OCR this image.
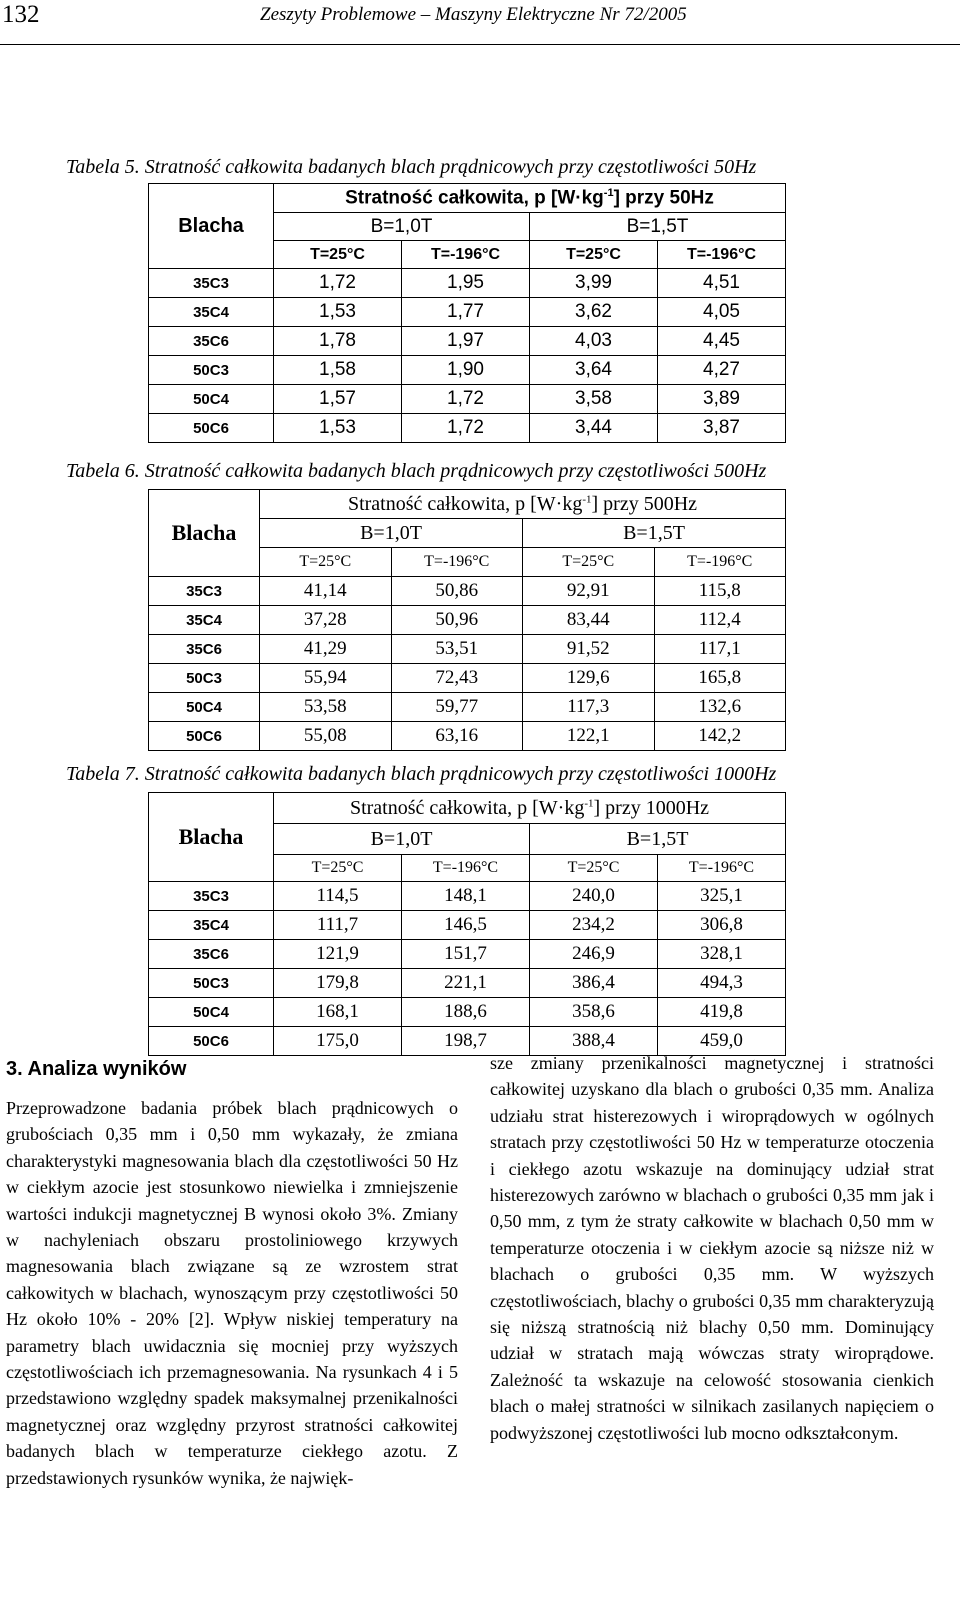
132	Zeszyty Problemowe – Maszyny Elektryczne Nr 72/2005
Tabela 5. Stratność całkowita badanych blach prądnicowych przy częstotliwości 50Hz
Blacha	Stratność całkowita, p $[W\cdot kg^{-1}]$ przy 50Hz			
	B=1,0T		B=1,5T	
	T=25°C	T=-196°C	T=25°C	T=-196°C
35C3	1,72	1,95	3,99	4,51
35C4	1,53	1,77	3,62	4,05
35C6	1,78	1,97	4,03	4,45
50C3	1,58	1,90	3,64	4,27
50C4	1,57	1,72	3,58	3,89
50C6	1,53	1,72	3,44	3,87
Tabela 6. Stratność całkowita badanych blach prądnicowych przy częstotliwości 500Hz
Blacha	Stratność całkowita, p $[W\cdot kg^{-1}]$ przy 500Hz			
	B=1,0T		B=1,5T	
	T=25°C	T=-196°C	T=25°C	T=-196°C
35C3	41,14	50,86	92,91	115,8
35C4	37,28	50,96	83,44	112,4
35C6	41,29	53,51	91,52	117,1
50C3	55,94	72,43	129,6	165,8
50C4	53,58	59,77	117,3	132,6
50C6	55,08	63,16	122,1	142,2
Tabela 7. Stratność całkowita badanych blach prądnicowych przy częstotliwości 1000Hz
Blacha	Stratność całkowita, p $[W\cdot kg^{-1}]$ przy 1000Hz			
	B=1,0T		B=1,5T	
	T=25°C	T=-196°C	T=25°C	T=-196°C
35C3	114,5	148,1	240,0	325,1
35C4	111,7	146,5	234,2	306,8
35C6	121,9	151,7	246,9	328,1
50C3	179,8	221,1	386,4	494,3
50C4	168,1	188,6	358,6	419,8
50C6	175,0	198,7	388,4	459,0
3. Analiza wyników

Przeprowadzone badania próbek blach prądnicowych o grubościach 0,35 mm i 0,50 mm wykazały, że zmiana charakterystyki magnesowania blach dla częstotliwości 50 Hz w ciekłym azocie jest stosunkowo niewielka i zmniejszenie wartości indukcji magnetycznej B wynosi około 3%. Zmiany w nachyleniach obszaru prostoliniowego krzywych magnesowania blach związane są ze wzrostem strat całkowitych w blachach, wynoszącym przy częstotliwości 50 Hz około 10% - 20% [2]. Wpływ niskiej temperatury na parametry blach uwidacznia się mocniej przy wyższych częstotliwościach ich przemagnesowania. Na rysunkach 4 i 5 przedstawiono względny spadek maksymalnej przenikalności magnetycznej oraz względny przyrost stratności całkowitej badanych blach w temperaturze ciekłego azotu. Z przedstawionych rysunków wynika, że najwięk-

sze zmiany przenikalności magnetycznej i stratności całkowitej uzyskano dla blach o grubości 0,35 mm. Analiza udziału strat histerezowych i wiroprądowych w ogólnych stratach przy częstotliwości 50 Hz w temperaturze otoczenia i ciekłego azotu wskazuje na dominujący udział strat histerezowych zarówno w blachach o grubości 0,35 mm jak i 0,50 mm, z tym że straty całkowite w blachach 0,50 mm w temperaturze otoczenia i w ciekłym azocie są niższe niż w blachach o grubości 0,35 mm. W wyższych częstotliwościach, blachy o grubości 0,35 mm charakteryzują się niższą stratnością niż blachy 0,50 mm. Dominujący udział w stratach mają wówczas straty wiroprądowe. Zależność ta wskazuje na celowość stosowania cienkich blach o małej stratności w silnikach zasilanych napięciem o podwyższonej częstotliwości lub mocno odkształconym.
